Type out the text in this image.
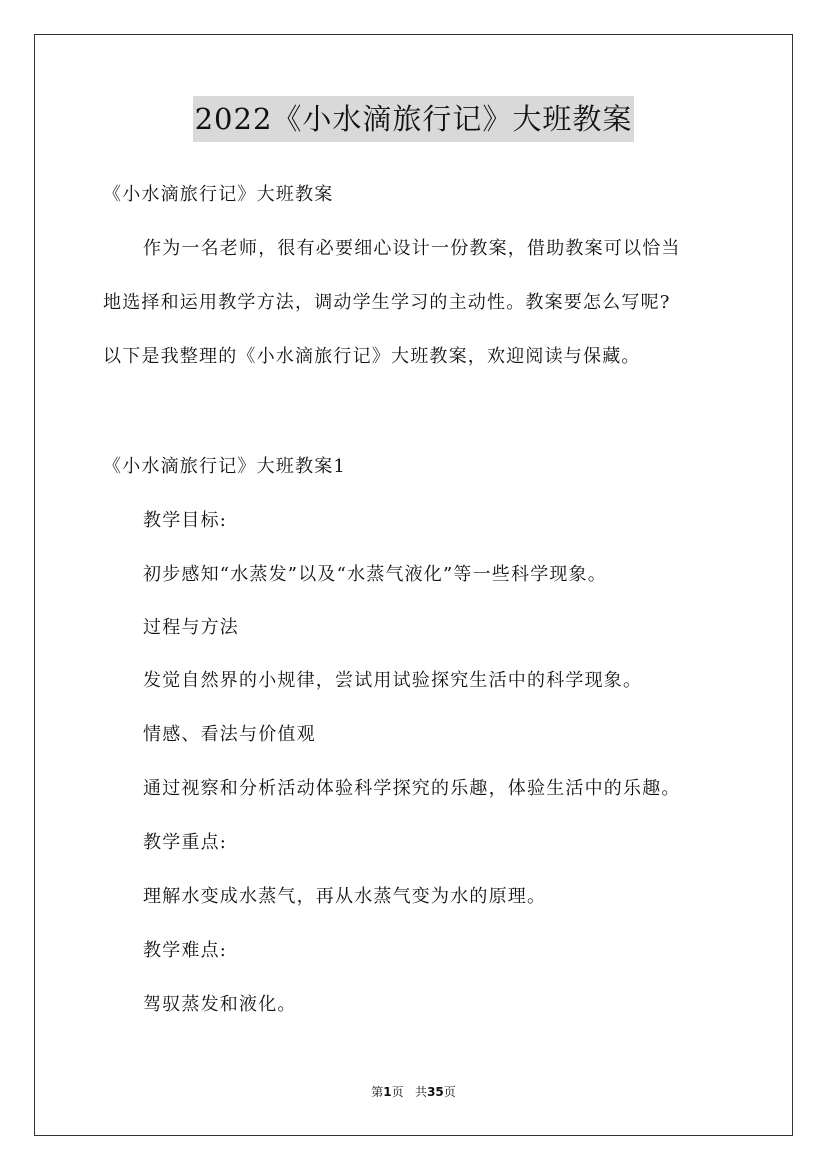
2022《小水滴旅行记》大班教案
《小水滴旅行记》大班教案
作为一名老师，很有必要细心设计一份教案，借助教案可以恰当
地选择和运用教学方法，调动学生学习的主动性。教案要怎么写呢?
以下是我整理的《小水滴旅行记》大班教案，欢迎阅读与保藏。
《小水滴旅行记》大班教案1
教学目标:
初步感知“水蒸发”以及“水蒸气液化”等一些科学现象。
过程与方法
发觉自然界的小规律，尝试用试验探究生活中的科学现象。
情感、看法与价值观
通过视察和分析活动体验科学探究的乐趣，体验生活中的乐趣。
教学重点:
理解水变成水蒸气，再从水蒸气变为水的原理。
教学难点:
驾驭蒸发和液化。
第1页 共35页
